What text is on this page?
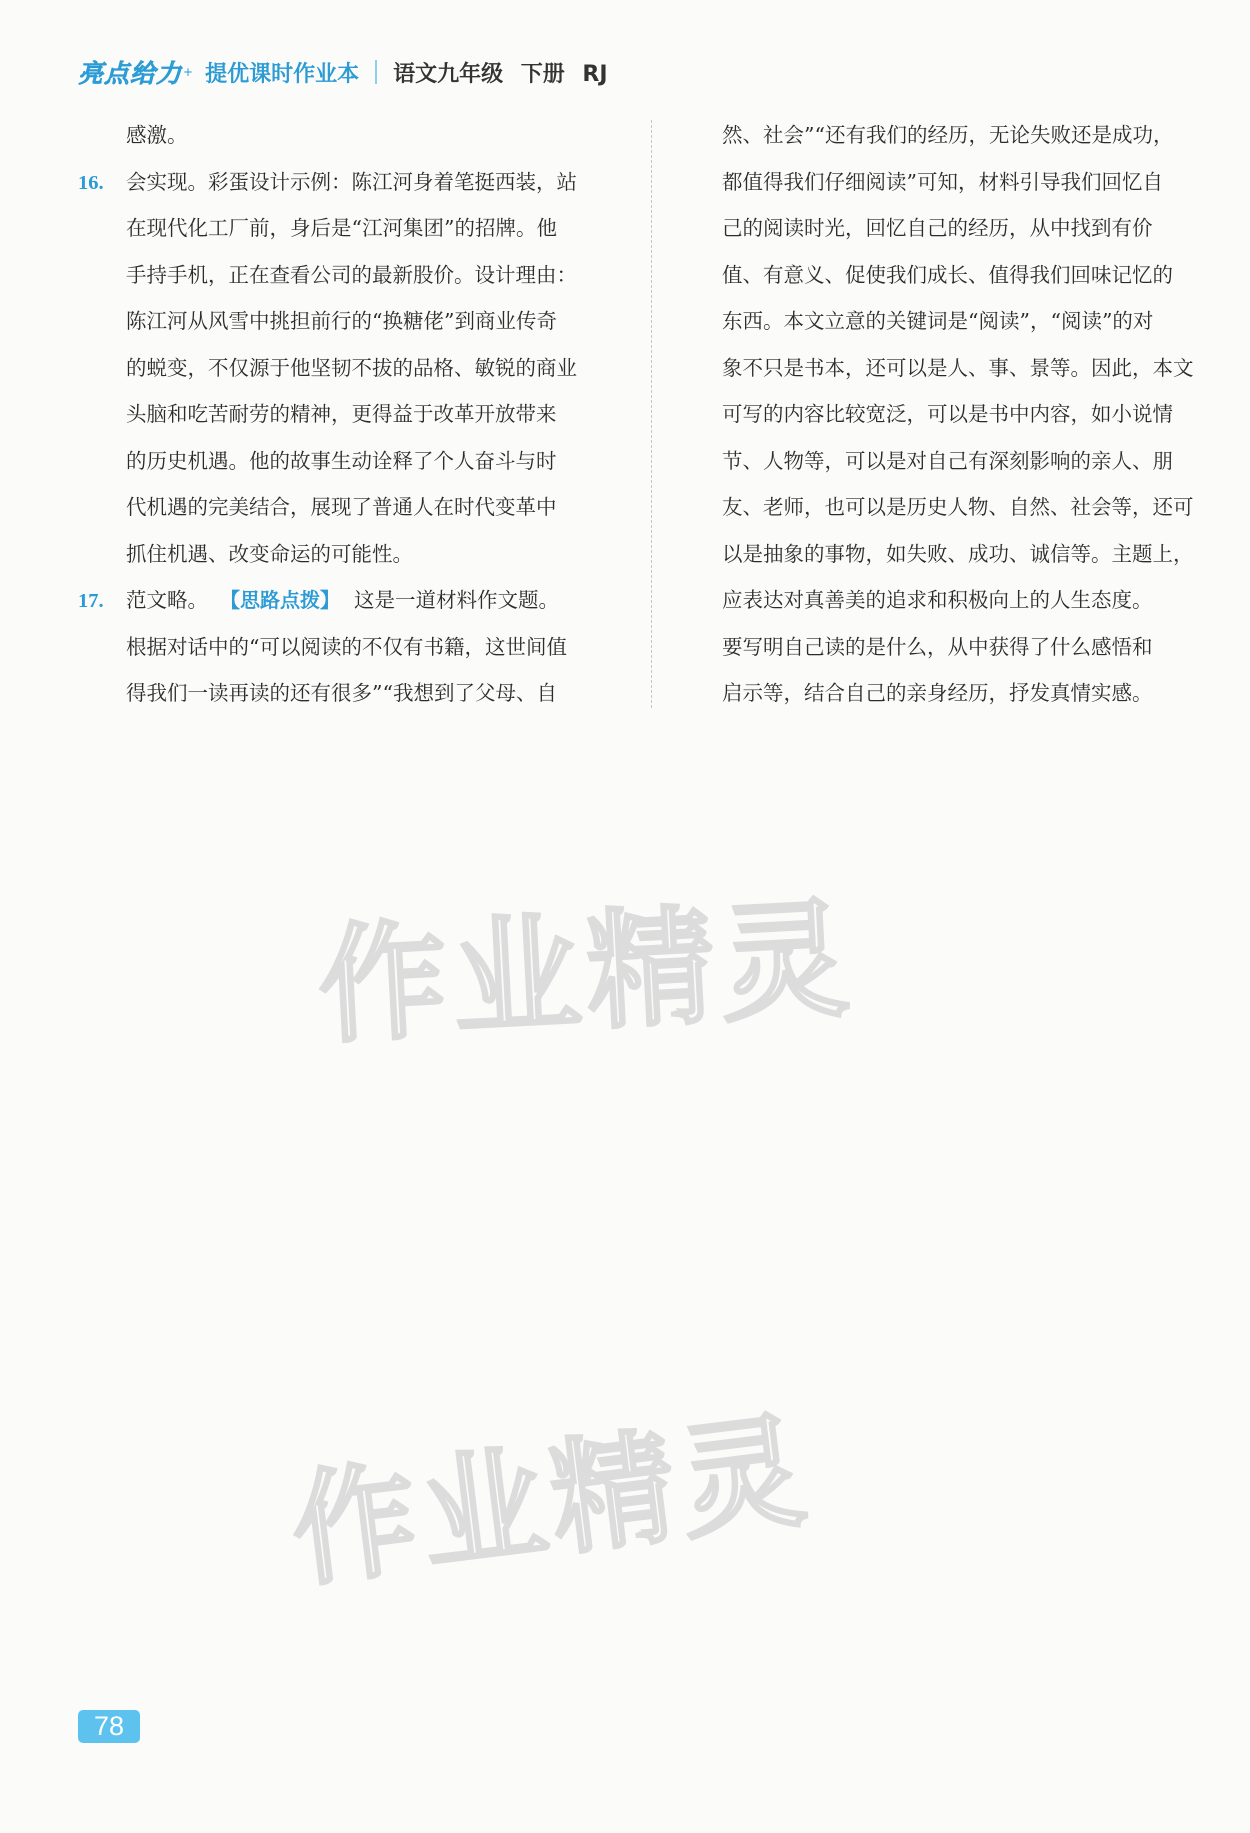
亮点给力 + 提优课时作业本 语文九年级 下册 RJ
感激。
16. 会实现。彩蛋设计示例：陈江河身着笔挺西装，站
在现代化工厂前，身后是“江河集团”的招牌。他
手持手机，正在查看公司的最新股价。设计理由：
陈江河从风雪中挑担前行的“换糖佬”到商业传奇
的蜕变，不仅源于他坚韧不拔的品格、敏锐的商业
头脑和吃苦耐劳的精神，更得益于改革开放带来
的历史机遇。他的故事生动诠释了个人奋斗与时
代机遇的完美结合，展现了普通人在时代变革中
抓住机遇、改变命运的可能性。
17. 范文略。 【思路点拨】 这是一道材料作文题。
根据对话中的“可以阅读的不仅有书籍，这世间值
得我们一读再读的还有很多”“我想到了父母、自
然、社会”“还有我们的经历，无论失败还是成功，
都值得我们仔细阅读”可知，材料引导我们回忆自
己的阅读时光，回忆自己的经历，从中找到有价
值、有意义、促使我们成长、值得我们回味记忆的
东西。本文立意的关键词是“阅读”，“阅读”的对
象不只是书本，还可以是人、事、景等。因此，本文
可写的内容比较宽泛，可以是书中内容，如小说情
节、人物等，可以是对自己有深刻影响的亲人、朋
友、老师，也可以是历史人物、自然、社会等，还可
以是抽象的事物，如失败、成功、诚信等。主题上，
应表达对真善美的追求和积极向上的人生态度。
要写明自己读的是什么，从中获得了什么感悟和
启示等，结合自己的亲身经历，抒发真情实感。
作业精灵
作业精灵
78
